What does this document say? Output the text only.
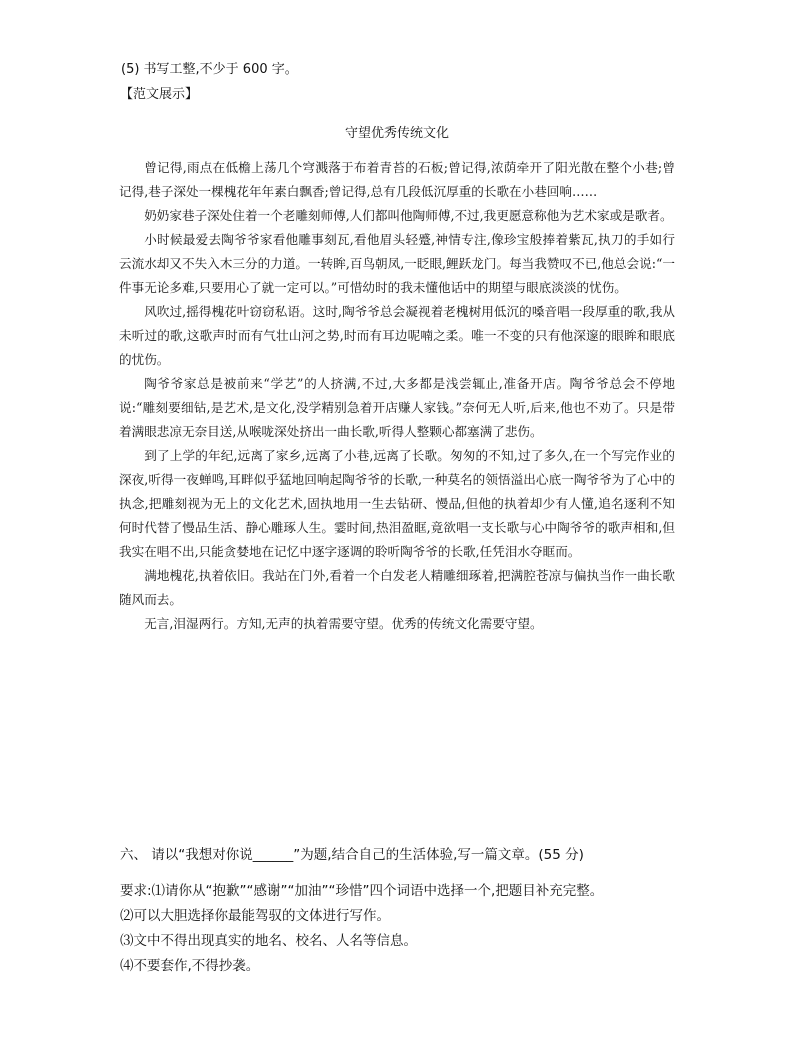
(5) 书写工整,不少于 600 字。
【范文展示】
守望优秀传统文化

曾记得,雨点在低檐上荡几个穹溅落于布着青苔的石板;曾记得,浓荫牵开了阳光散在整个小巷;曾记得,巷子深处一棵槐花年年素白飘香;曾记得,总有几段低沉厚重的长歌在小巷回响……

奶奶家巷子深处住着一个老雕刻师傅,人们都叫他陶师傅,不过,我更愿意称他为艺术家或是歌者。

小时候最爱去陶爷爷家看他雕事刻瓦,看他眉头轻蹙,神情专注,像珍宝般捧着紫瓦,执刀的手如行云流水却又不失入木三分的力道。一转眸,百鸟朝凤,一眨眼,鲤跃龙门。每当我赞叹不已,他总会说:“一件事无论多难,只要用心了就一定可以。”可惜幼时的我未懂他话中的期望与眼底淡淡的忧伤。

风吹过,摇得槐花叶窃窃私语。这时,陶爷爷总会凝视着老槐树用低沉的嗓音唱一段厚重的歌,我从未听过的歌,这歌声时而有气壮山河之势,时而有耳边呢喃之柔。唯一不变的只有他深邃的眼眸和眼底的忧伤。

陶爷爷家总是被前来“学艺”的人挤满,不过,大多都是浅尝辄止,准备开店。陶爷爷总会不停地说:“雕刻要细钻,是艺术,是文化,没学精别急着开店赚人家钱。”奈何无人听,后来,他也不劝了。只是带着满眼悲凉无奈目送,从喉咙深处挤出一曲长歌,听得人整颗心都塞满了悲伤。

到了上学的年纪,远离了家乡,远离了小巷,远离了长歌。匆匆的不知,过了多久,在一个写完作业的深夜,听得一夜蝉鸣,耳畔似乎猛地回响起陶爷爷的长歌,一种莫名的领悟溢出心底一陶爷爷为了心中的执念,把雕刻视为无上的文化艺术,固执地用一生去钻研、慢品,但他的执着却少有人懂,追名逐利不知何时代替了慢品生活、静心雕琢人生。霎时间,热泪盈眶,竟欲唱一支长歌与心中陶爷爷的歌声相和,但我实在唱不出,只能贪婪地在记忆中逐字逐调的聆听陶爷爷的长歌,任凭泪水夺眶而。

满地槐花,执着依旧。我站在门外,看着一个白发老人精雕细琢着,把满腔苍凉与偏执当作一曲长歌随风而去。

无言,泪湿两行。方知,无声的执着需要守望。优秀的传统文化需要守望。

六、 请以“我想对你说______”为题,结合自己的生活体验,写一篇文章。(55 分)
要求:⑴请你从“抱歉”“感谢”“加油”“珍惜”四个词语中选择一个,把题目补充完整。
⑵可以大胆选择你最能驾驭的文体进行写作。
⑶文中不得出现真实的地名、校名、人名等信息。
⑷不要套作,不得抄袭。
